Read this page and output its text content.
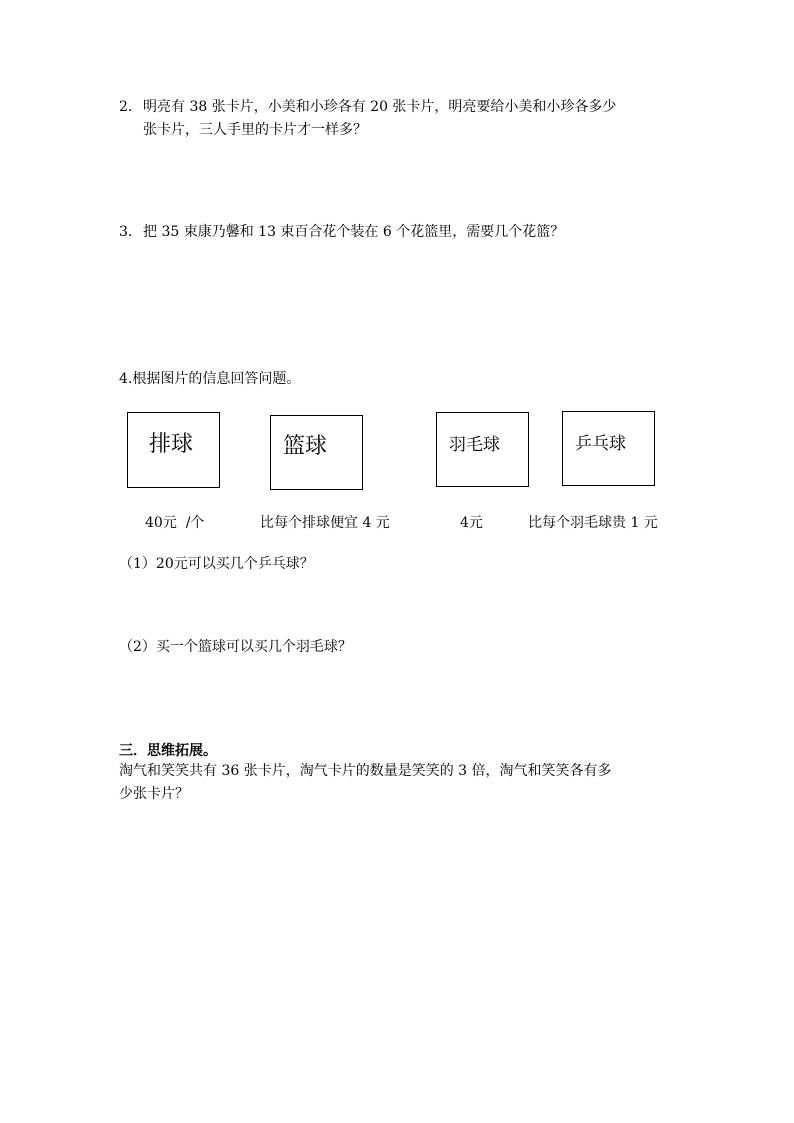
2. 明亮有 38 张卡片，小美和小珍各有 20 张卡片，明亮要给小美和小珍各多少
张卡片，三人手里的卡片才一样多？
3. 把 35 束康乃馨和 13 束百合花个装在 6 个花篮里，需要几个花篮？
4.根据图片的信息回答问题。
排球	篮球	羽毛球	乒乓球
40元  /个	比每个排球便宜 4 元	4元	比每个羽毛球贵 1 元
（1）20元可以买几个乒乓球？
（2）买一个篮球可以买几个羽毛球？
三．思维拓展。
淘气和笑笑共有 36 张卡片，淘气卡片的数量是笑笑的 3 倍，淘气和笑笑各有多
少张卡片？
